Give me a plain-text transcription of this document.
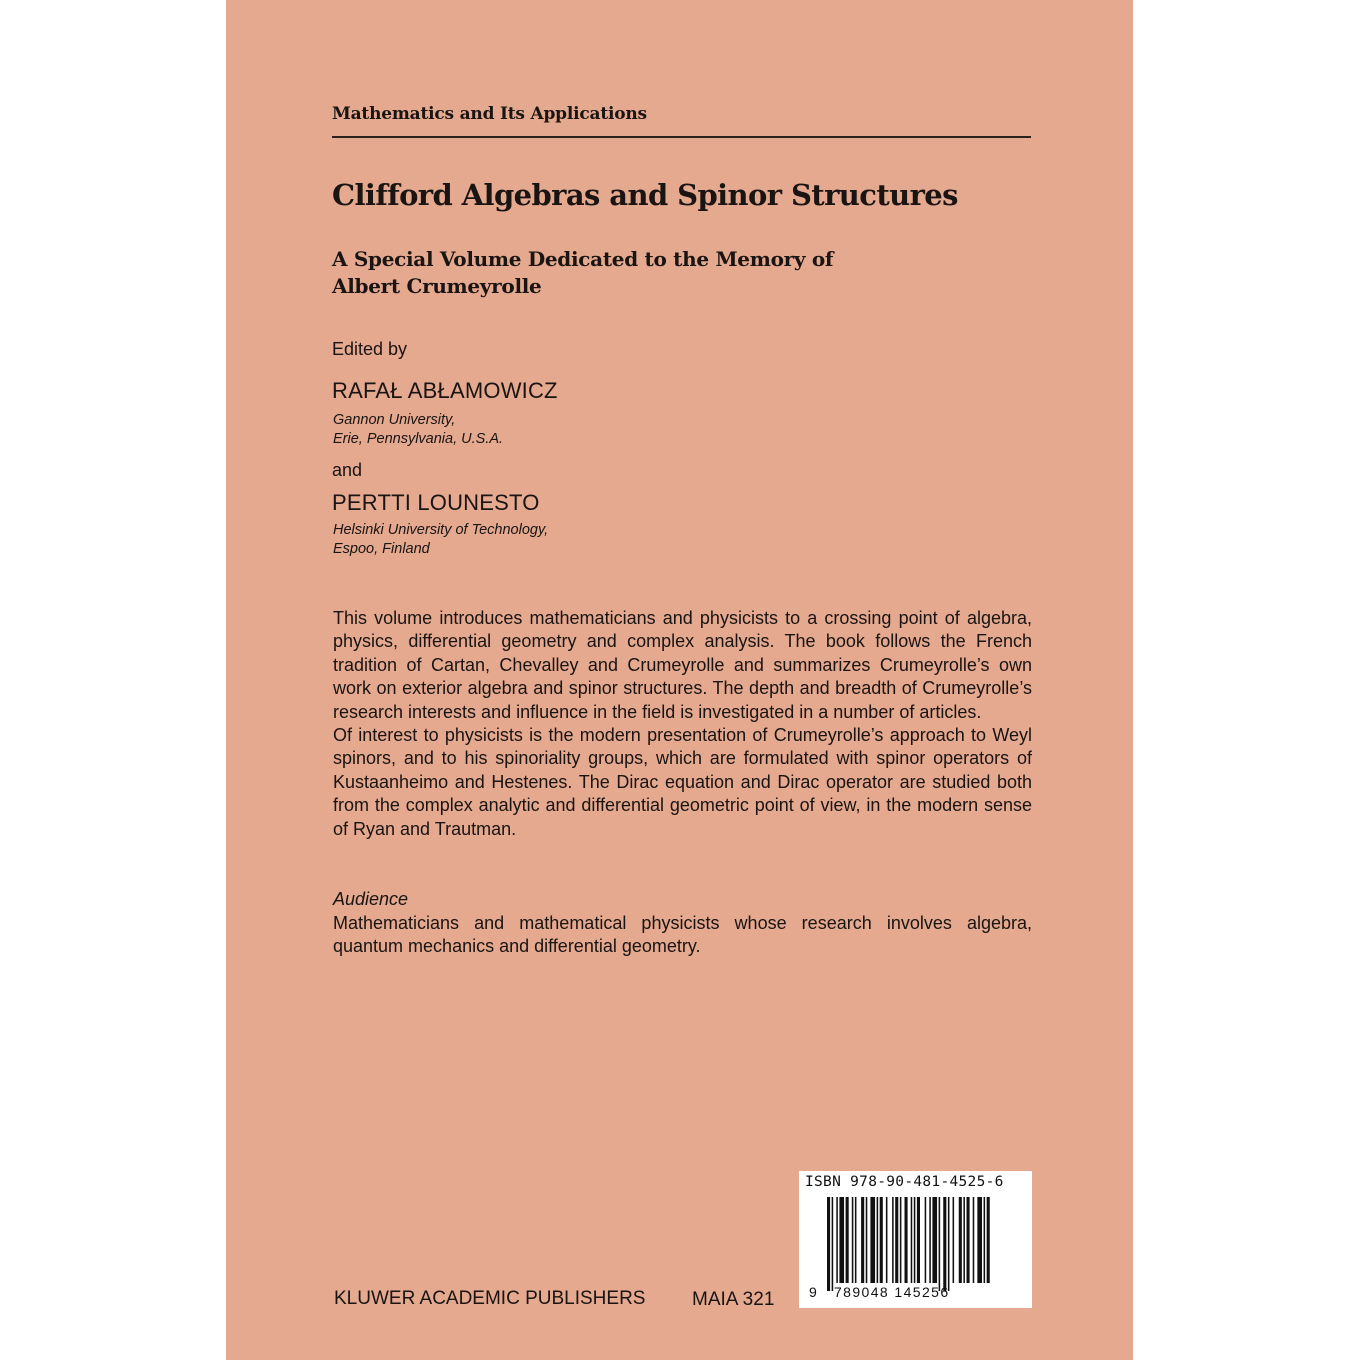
Mathematics and Its Applications
Clifford Algebras and Spinor Structures
A Special Volume Dedicated to the Memory of
Albert Crumeyrolle
Edited by
RAFAŁ ABŁAMOWICZ
Gannon University,
Erie, Pennsylvania, U.S.A.
and
PERTTI LOUNESTO
Helsinki University of Technology,
Espoo, Finland

This volume introduces mathematicians and physicists to a crossing point of algebra, physics, differential geometry and complex analysis. The book follows the French tradition of Cartan, Chevalley and Crumeyrolle and summarizes Crumeyrolle’s own work on exterior algebra and spinor structures. The depth and breadth of Crumeyrolle’s research interests and influence in the field is investigated in a number of articles.

Of interest to physicists is the modern presentation of Crumeyrolle’s approach to Weyl spinors, and to his spinoriality groups, which are formulated with spinor operators of Kustaanheimo and Hestenes. The Dirac equation and Dirac operator are studied both from the complex analytic and differential geometric point of view, in the modern sense of Ryan and Trautman.

Audience
Mathematicians and mathematical physicists whose research involves algebra, quantum mechanics and differential geometry.
KLUWER ACADEMIC PUBLISHERS MAIA 321
ISBN 978-90-481-4525-6
9 789048 145256
